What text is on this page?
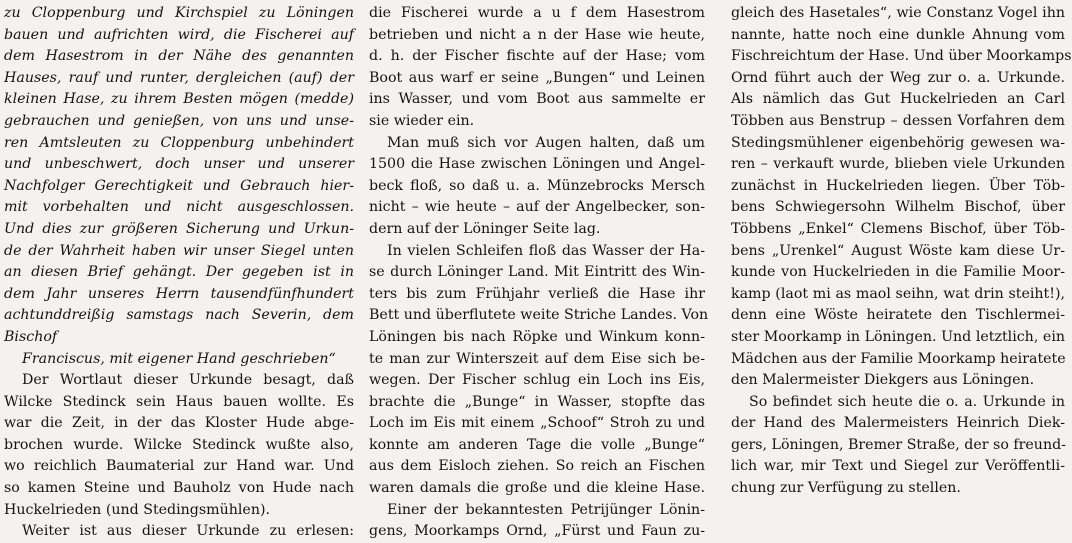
zu Cloppenburg und Kirchspiel zu Löningen
bauen und aufrichten wird, die Fischerei auf
dem Hasestrom in der Nähe des genannten
Hauses, rauf und runter, dergleichen (auf) der
kleinen Hase, zu ihrem Besten mögen (medde)
gebrauchen und genießen, von uns und unse-
ren Amtsleuten zu Cloppenburg unbehindert
und unbeschwert, doch unser und unserer
Nachfolger Gerechtigkeit und Gebrauch hier-
mit vorbehalten und nicht ausgeschlossen.
Und dies zur größeren Sicherung und Urkun-
de der Wahrheit haben wir unser Siegel unten
an diesen Brief gehängt. Der gegeben ist in
dem Jahr unseres Herrn tausendfünfhundert
achtunddreißig samstags nach Severin, dem
Bischof
Franciscus, mit eigener Hand geschrieben“
Der Wortlaut dieser Urkunde besagt, daß
Wilcke Stedinck sein Haus bauen wollte. Es
war die Zeit, in der das Kloster Hude abge-
brochen wurde. Wilcke Stedinck wußte also,
wo reichlich Baumaterial zur Hand war. Und
so kamen Steine und Bauholz von Hude nach
Huckelrieden (und Stedingsmühlen).
Weiter ist aus dieser Urkunde zu erlesen:
die Fischerei wurde a u f dem Hasestrom
betrieben und nicht a n der Hase wie heute,
d. h. der Fischer fischte auf der Hase; vom
Boot aus warf er seine „Bungen“ und Leinen
ins Wasser, und vom Boot aus sammelte er
sie wieder ein.
Man muß sich vor Augen halten, daß um
1500 die Hase zwischen Löningen und Angel-
beck floß, so daß u. a. Münzebrocks Mersch
nicht – wie heute – auf der Angelbecker, son-
dern auf der Löninger Seite lag.
In vielen Schleifen floß das Wasser der Ha-
se durch Löninger Land. Mit Eintritt des Win-
ters bis zum Frühjahr verließ die Hase ihr
Bett und überflutete weite Striche Landes. Von
Löningen bis nach Röpke und Winkum konn-
te man zur Winterszeit auf dem Eise sich be-
wegen. Der Fischer schlug ein Loch ins Eis,
brachte die „Bunge“ in Wasser, stopfte das
Loch im Eis mit einem „Schoof“ Stroh zu und
konnte am anderen Tage die volle „Bunge“
aus dem Eisloch ziehen. So reich an Fischen
waren damals die große und die kleine Hase.
Einer der bekanntesten Petrijünger Lönin-
gens, Moorkamps Ornd, „Fürst und Faun zu-
gleich des Hasetales“, wie Constanz Vogel ihn
nannte, hatte noch eine dunkle Ahnung vom
Fischreichtum der Hase. Und über Moorkamps
Ornd führt auch der Weg zur o. a. Urkunde.
Als nämlich das Gut Huckelrieden an Carl
Többen aus Benstrup – dessen Vorfahren dem
Stedingsmühlener eigenbehörig gewesen wa-
ren – verkauft wurde, blieben viele Urkunden
zunächst in Huckelrieden liegen. Über Töb-
bens Schwiegersohn Wilhelm Bischof, über
Többens „Enkel“ Clemens Bischof, über Töb-
bens „Urenkel“ August Wöste kam diese Ur-
kunde von Huckelrieden in die Familie Moor-
kamp (laot mi as maol seihn, wat drin steiht!),
denn eine Wöste heiratete den Tischlermei-
ster Moorkamp in Löningen. Und letztlich, ein
Mädchen aus der Familie Moorkamp heiratete
den Malermeister Diekgers aus Löningen.
So befindet sich heute die o. a. Urkunde in
der Hand des Malermeisters Heinrich Diek-
gers, Löningen, Bremer Straße, der so freund-
lich war, mir Text und Siegel zur Veröffentli-
chung zur Verfügung zu stellen.
